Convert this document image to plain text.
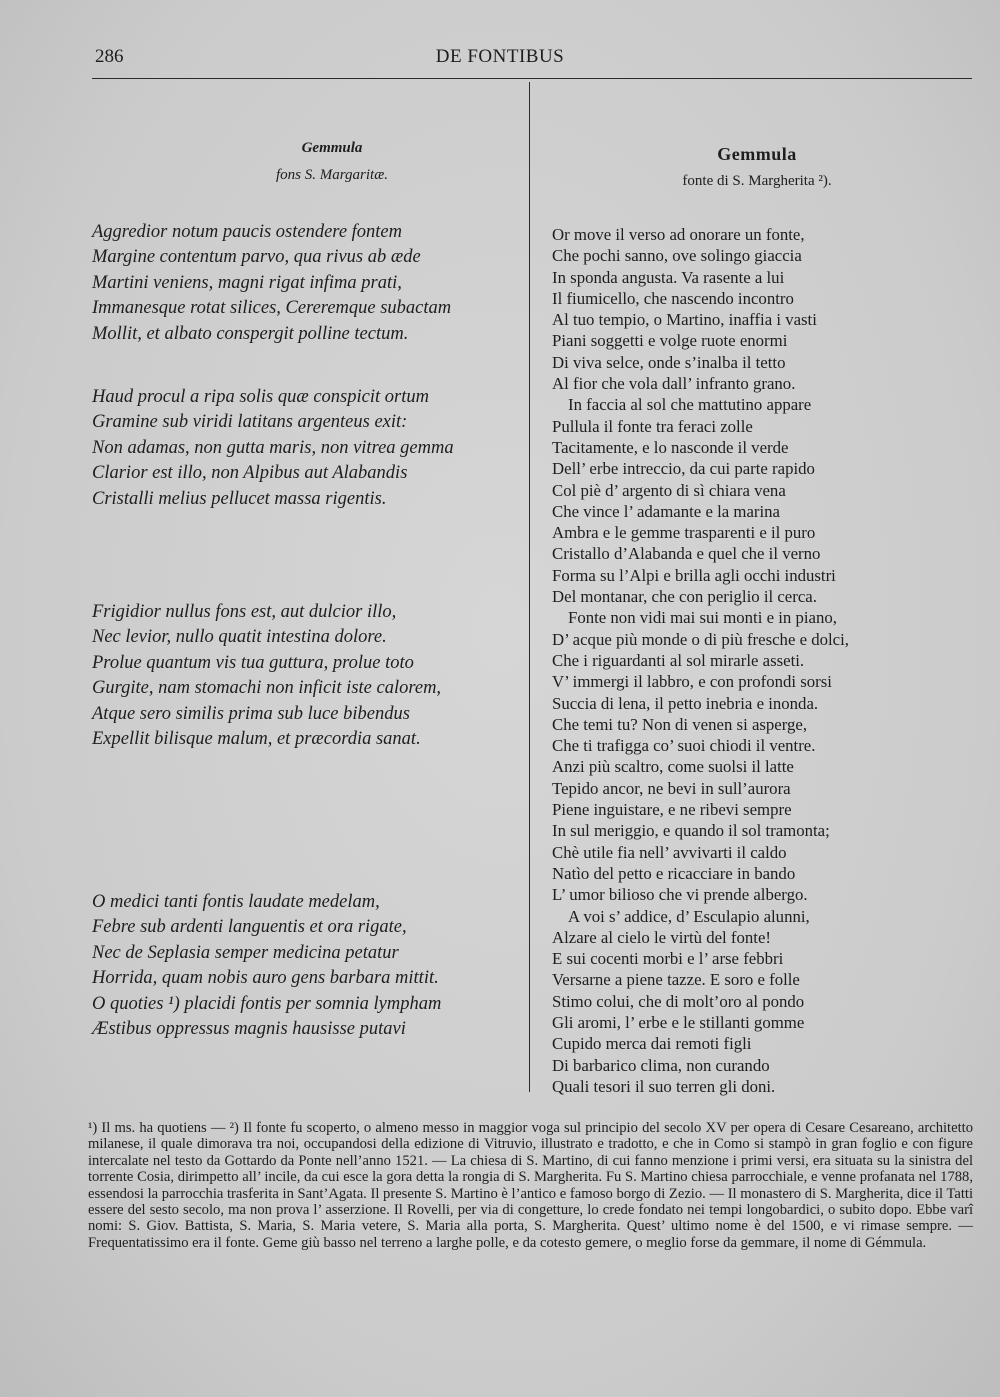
286	DE FONTIBUS
Gemmula
fons S. Margaritæ.
Aggredior notum paucis ostendere fontem
Margine contentum parvo, qua rivus ab æde
Martini veniens, magni rigat infima prati,
Immanesque rotat silices, Cereremque subactam
Mollit, et albato conspergit polline tectum.
Haud procul a ripa solis quæ conspicit ortum
Gramine sub viridi latitans argenteus exit:
Non adamas, non gutta maris, non vitrea gemma
Clarior est illo, non Alpibus aut Alabandis
Cristalli melius pellucet massa rigentis.
Frigidior nullus fons est, aut dulcior illo,
Nec levior, nullo quatit intestina dolore.
Prolue quantum vis tua guttura, prolue toto
Gurgite, nam stomachi non inficit iste calorem,
Atque sero similis prima sub luce bibendus
Expellit bilisque malum, et præcordia sanat.
O medici tanti fontis laudate medelam,
Febre sub ardenti languentis et ora rigate,
Nec de Seplasia semper medicina petatur
Horrida, quam nobis auro gens barbara mittit.
O quoties ¹) placidi fontis per somnia lympham
Æstibus oppressus magnis hausisse putavi
Gemmula
fonte di S. Margherita ²).
Or move il verso ad onorare un fonte,
Che pochi sanno, ove solingo giaccia
In sponda angusta. Va rasente a lui
Il fiumicello, che nascendo incontro
Al tuo tempio, o Martino, inaffia i vasti
Piani soggetti e volge ruote enormi
Di viva selce, onde s’inalba il tetto
Al fior che vola dall’ infranto grano.
In faccia al sol che mattutino appare
Pullula il fonte tra feraci zolle
Tacitamente, e lo nasconde il verde
Dell’ erbe intreccio, da cui parte rapido
Col piè d’ argento di sì chiara vena
Che vince l’ adamante e la marina
Ambra e le gemme trasparenti e il puro
Cristallo d’Alabanda e quel che il verno
Forma su l’Alpi e brilla agli occhi industri
Del montanar, che con periglio il cerca.
Fonte non vidi mai sui monti e in piano,
D’ acque più monde o di più fresche e dolci,
Che i riguardanti al sol mirarle asseti.
V’ immergi il labbro, e con profondi sorsi
Succia di lena, il petto inebria e inonda.
Che temi tu? Non di venen si asperge,
Che ti trafigga co’ suoi chiodi il ventre.
Anzi più scaltro, come suolsi il latte
Tepido ancor, ne bevi in sull’aurora
Piene inguistare, e ne ribevi sempre
In sul meriggio, e quando il sol tramonta;
Chè utile fia nell’ avvivarti il caldo
Natìo del petto e ricacciare in bando
L’ umor bilioso che vi prende albergo.
A voi s’ addice, d’ Esculapio alunni,
Alzare al cielo le virtù del fonte!
E sui cocenti morbi e l’ arse febbri
Versarne a piene tazze. E soro e folle
Stimo colui, che di molt’oro al pondo
Gli aromi, l’ erbe e le stillanti gomme
Cupido merca dai remoti figli
Di barbarico clima, non curando
Quali tesori il suo terren gli doni.

¹) Il ms. ha quotiens — ²) Il fonte fu scoperto, o almeno messo in maggior voga sul principio del secolo XV per opera di Cesare Cesareano, architetto milanese, il quale dimorava tra noi, occupandosi della edizione di Vitruvio, illustrato e tradotto, e che in Como si stampò in gran foglio e con figure intercalate nel testo da Gottardo da Ponte nell’anno 1521. — La chiesa di S. Martino, di cui fanno menzione i primi versi, era situata su la sinistra del torrente Cosia, dirimpetto all’ incile, da cui esce la gora detta la rongia di S. Margherita. Fu S. Martino chiesa parrocchiale, e venne profanata nel 1788, essendosi la parrocchia trasferita in Sant’Agata. Il presente S. Martino è l’antico e famoso borgo di Zezio. — Il monastero di S. Margherita, dice il Tatti essere del sesto secolo, ma non prova l’ asserzione. Il Rovelli, per via di congetture, lo crede fondato nei tempi longobardici, o subito dopo. Ebbe varî nomi: S. Giov. Battista, S. Maria, S. Maria vetere, S. Maria alla porta, S. Margherita. Quest’ ultimo nome è del 1500, e vi rimase sempre. — Frequentatissimo era il fonte. Geme giù basso nel terreno a larghe polle, e da cotesto gemere, o meglio forse da gemmare, il nome di Gémmula.
